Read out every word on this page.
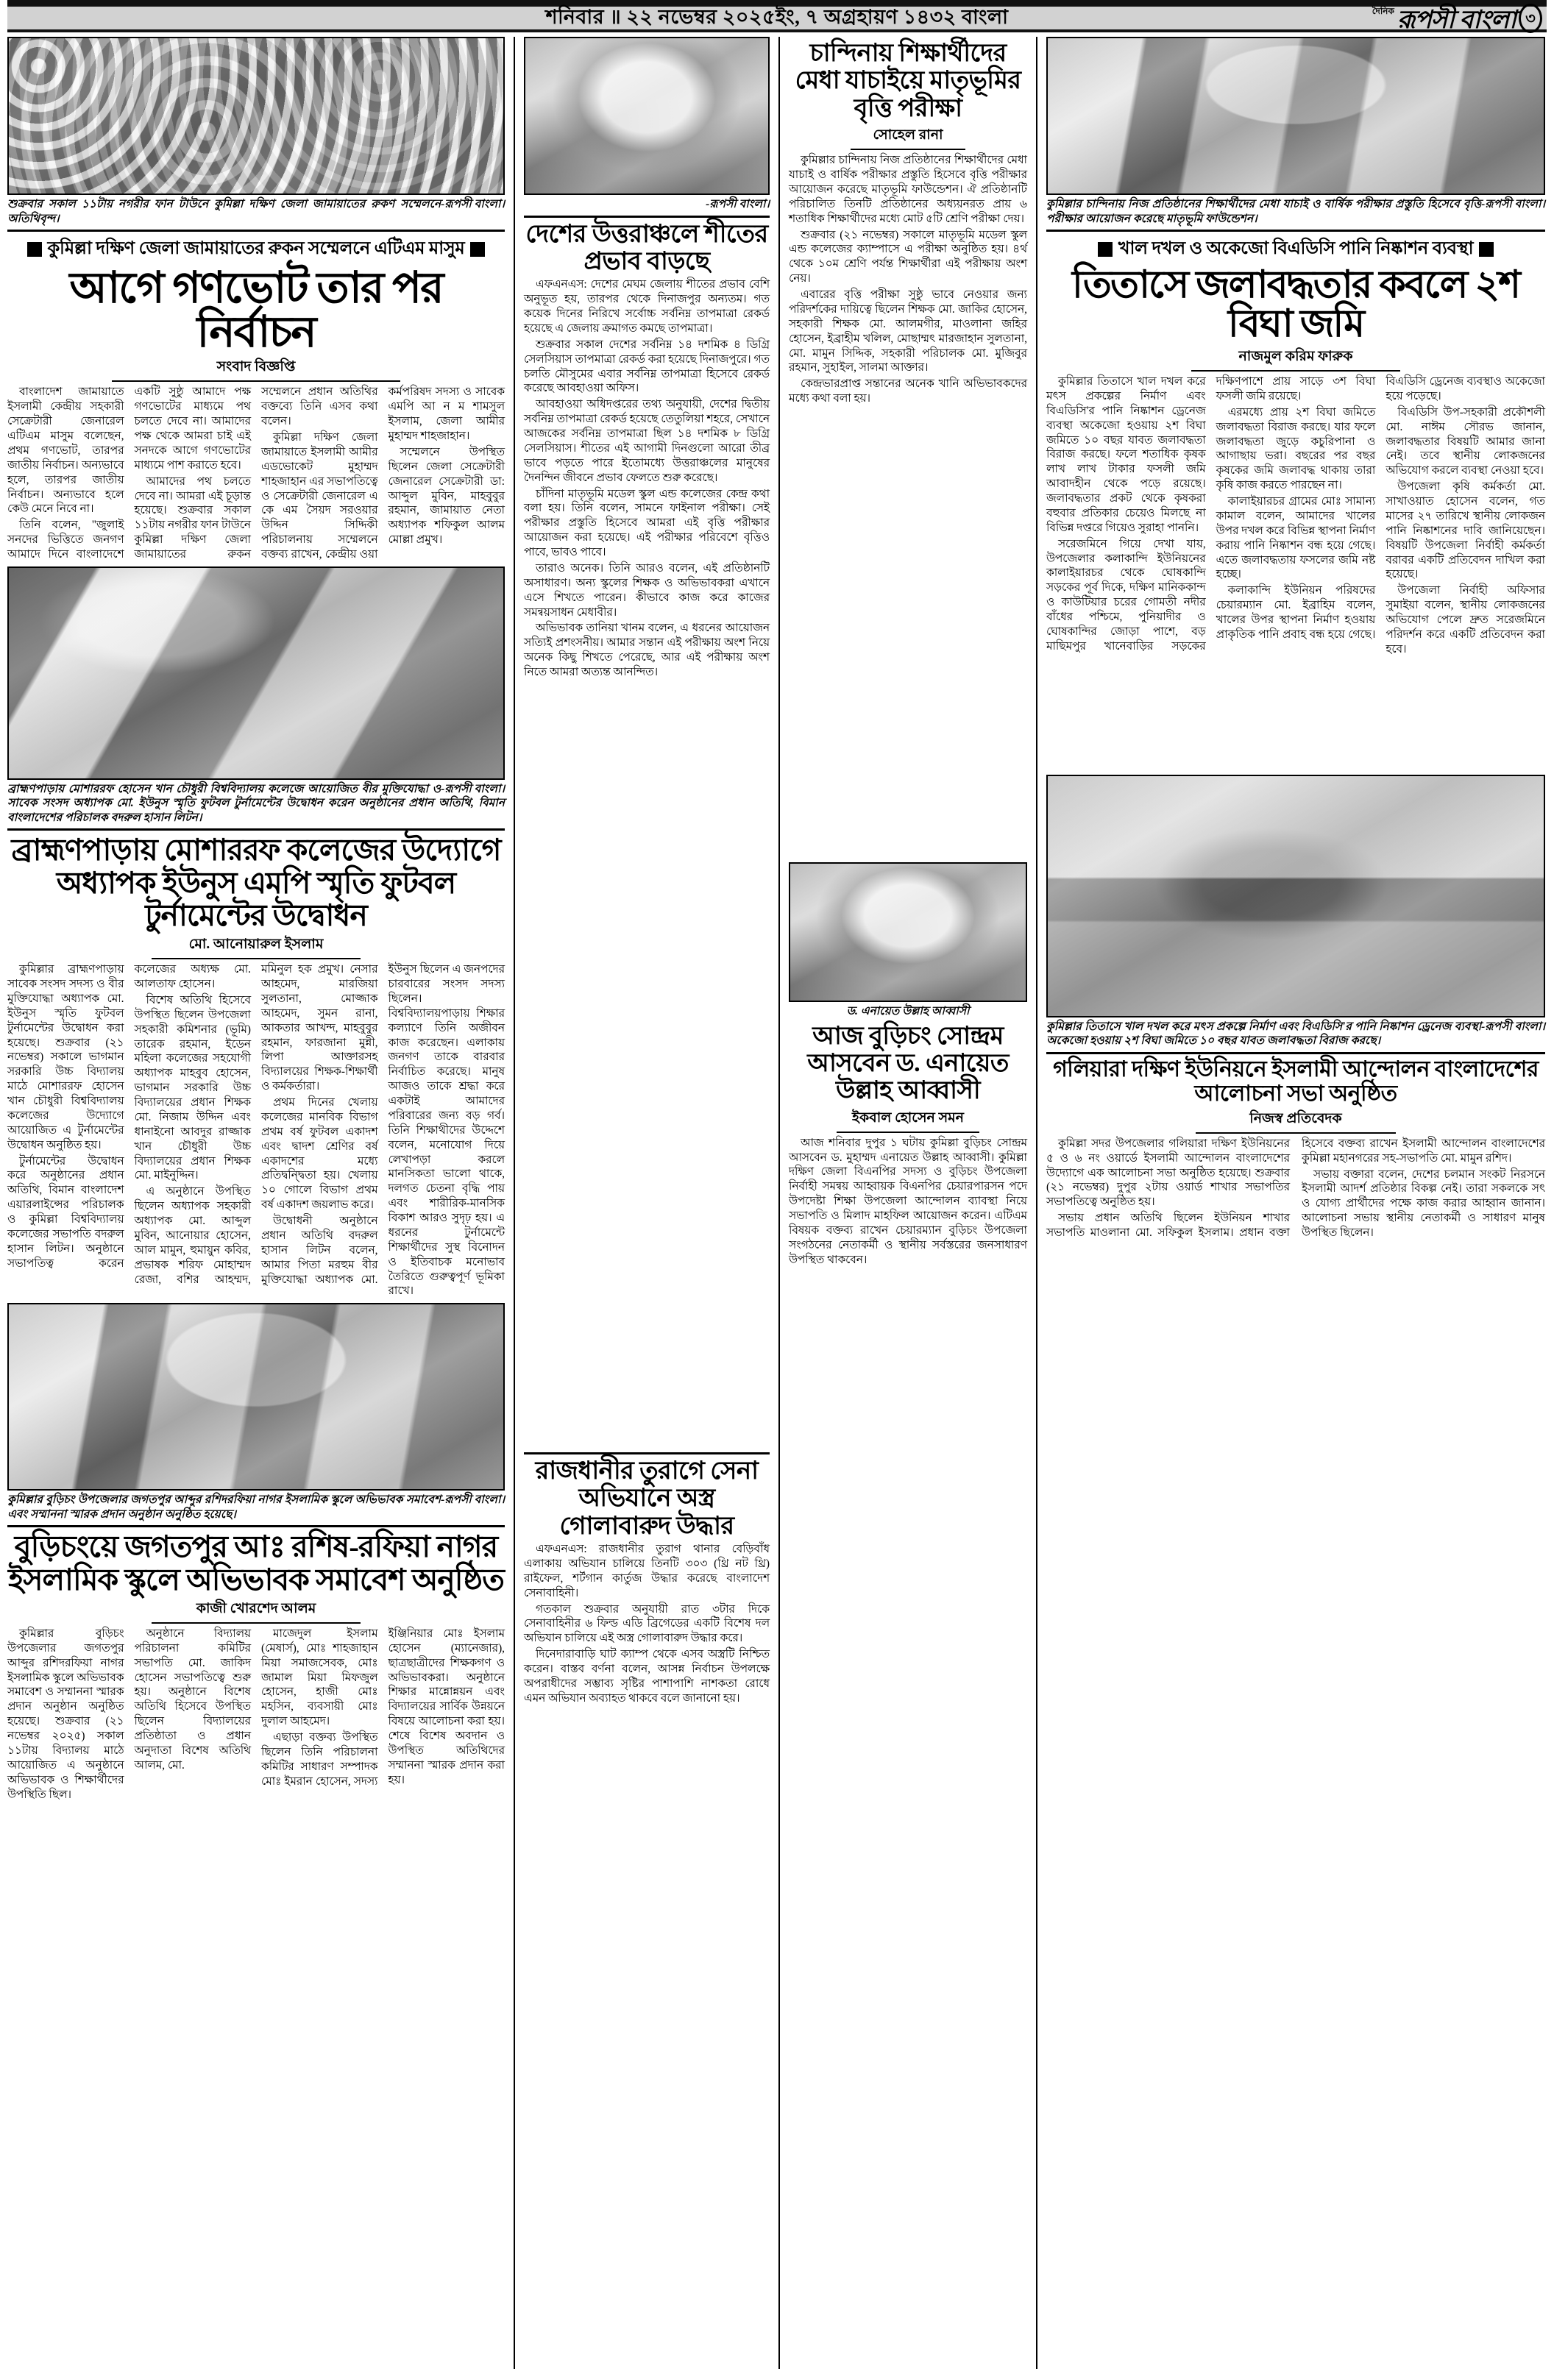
শনিবার ॥ ২২ নভেম্বর ২০২৫ইং, ৭ অগ্রহায়ণ ১৪৩২ বাংলা	দৈনিক রূপসী বাংলা ৩
-রূপসী বাংলা।
শুক্রবার সকাল ১১টায় নগরীর ফান টাউনে কুমিল্লা দক্ষিণ জেলা জামায়াতের রুকণ সম্মেলনে অতিথিবৃন্দ।
কুমিল্লা দক্ষিণ জেলা জামায়াতের রুকন সম্মেলনে এটিএম মাসুম
আগে গণভোট তার পর নির্বাচন
সংবাদ বিজ্ঞপ্তি

বাংলাদেশ জামায়াতে ইসলামী কেন্দ্রীয় সহকারী সেক্রেটারী জেনারেল এটিএম মাসুম বলেছেন, প্রথম গণভোট, তারপর জাতীয় নির্বাচন। অন্যভাবে হলে, তারপর জাতীয় নির্বাচন। অন্যভাবে হলে কেউ মেনে নিবে না।

তিনি বলেন, "জুলাই সনদের ভিত্তিতে জনগণ আমাদে দিনে বাংলাদেশে একটি সুষ্ঠু আমাদে পক্ষ গণভোটের মাধ্যমে পথ চলতে দেবে না। আমাদের পক্ষ থেকে আমরা চাই এই সনদকে আগে গণভোটের মাধ্যমে পাশ করাতে হবে।

আমাদের পথ চলতে দেবে না। আমরা এই চূড়ান্ত হয়েছে। শুক্রবার সকাল ১১টায় নগরীর ফান টাউনে কুমিল্লা দক্ষিণ জেলা জামায়াতের রুকন সম্মেলনে প্রধান অতিথির বক্তব্যে তিনি এসব কথা বলেন।

কুমিল্লা দক্ষিণ জেলা জামায়াতে ইসলামী আমীর এডভোকেট মুহাম্মদ শাহজাহান এর সভাপতিত্বে ও সেক্রেটারী জেনারেল এ কে এম সৈয়দ সরওয়ার উদ্দিন সিদ্দিকী পরিচালনায় সম্মেলনে বক্তব্য রাখেন, কেন্দ্রীয় ওয়া কর্মপরিষদ সদস্য ও সাবেক এমপি আ ন ম শামসুল ইসলাম, জেলা আমীর মুহাম্মদ শাহজাহান।

সম্মেলনে উপস্থিত ছিলেন জেলা সেক্রেটারী জেনারেল সেক্রেটারী ডা: আব্দুল মুবিন, মাহবুবুর রহমান, জামায়াত নেতা অধ্যাপক শফিকুল আলম মোল্লা প্রমুখ।

-রূপসী বাংলা।
ব্রাহ্মণপাড়ায় মোশাররফ হোসেন খান চৌধুরী বিশ্ববিদ্যালয় কলেজে আয়োজিত বীর মুক্তিযোদ্ধা ও সাবেক সংসদ অধ্যাপক মো. ইউনুস স্মৃতি ফুটবল টুর্নামেন্টের উদ্বোধন করেন অনুষ্ঠানের প্রধান অতিথি, বিমান বাংলাদেশের পরিচালক বদরুল হাসান লিটন।
ব্রাহ্মণপাড়ায় মোশাররফ কলেজের উদ্যোগে অধ্যাপক ইউনুস এমপি স্মৃতি ফুটবল টুর্নামেন্টের উদ্বোধন
মো. আনোয়ারুল ইসলাম

কুমিল্লার ব্রাহ্মণপাড়ায় সাবেক সংসদ সদস্য ও বীর মুক্তিযোদ্ধা অধ্যাপক মো. ইউনুস স্মৃতি ফুটবল টুর্নামেন্টের উদ্বোধন করা হয়েছে। শুক্রবার (২১ নভেম্বর) সকালে ভাগমান সরকারি উচ্চ বিদ্যালয় মাঠে মোশাররফ হোসেন খান চৌধুরী বিশ্ববিদ্যালয় কলেজের উদ্যোগে আয়োজিত এ টুর্নামেন্টের উদ্বোধন অনুষ্ঠিত হয়।

টুর্নামেন্টের উদ্বোধন করে অনুষ্ঠানের প্রধান অতিথি, বিমান বাংলাদেশ এয়ারলাইন্সের পরিচালক ও কুমিল্লা বিশ্ববিদ্যালয় কলেজের সভাপতি বদরুল হাসান লিটন। অনুষ্ঠানে সভাপতিত্ব করেন কলেজের অধ্যক্ষ মো. আলতাফ হোসেন।

বিশেষ অতিথি হিসেবে উপস্থিত ছিলেন উপজেলা সহকারী কমিশনার (ভূমি) তারেক রহমান, ইডেন মহিলা কলেজের সহযোগী অধ্যাপক মাহবুব হোসেন, ভাগমান সরকারি উচ্চ বিদ্যালয়ের প্রধান শিক্ষক মো. নিজাম উদ্দিন এবং ধানাইনাে আবদুর রাজ্জাক খান চৌধুরী উচ্চ বিদ্যালয়ের প্রধান শিক্ষক মো. মাইনুদ্দিন।

এ অনুষ্ঠানে উপস্থিত ছিলেন অধ্যাপক সহকারী অধ্যাপক মো. আব্দুল মুবিন, আনোয়ার হোসেন, আল মামুন, হুমায়ুন কবির, প্রভাষক শরিফ মোহাম্মদ রেজা, বশির আহম্মদ, মমিনুল হক প্রমুখ। নেসার আহমেদ, মারজিয়া সুলতানা, মোজ্জাক আহমেদ, সুমন রানা, আকতার আখন্দ, মাহবুবুর রহমান, ফারজানা মুন্নী, লিপা আক্তারসহ বিদ্যালয়ের শিক্ষক-শিক্ষার্থী ও কর্মকর্তারা।

প্রথম দিনের খেলায় কলেজের মানবিক বিভাগ প্রথম বর্ষ ফুটবল একাদশ এবং দ্বাদশ শ্রেণির বর্ষ একাদশের মধ্যে প্রতিদ্বন্দ্বিতা হয়। খেলায় ১০ গোলে বিভাগ প্রথম বর্ষ একাদশ জয়লাভ করে।

উদ্বোধনী অনুষ্ঠানে প্রধান অতিথি বদরুল হাসান লিটন বলেন, আমার পিতা মরহুম বীর মুক্তিযোদ্ধা অধ্যাপক মো. ইউনুস ছিলেন এ জনপদের চারবারের সংসদ সদস্য ছিলেন। বিশ্ববিদ্যালয়পাড়ায় শিক্ষার কল্যাণে তিনি অজীবন কাজ করেছেন। এলাকায় জনগণ তাকে বারবার নির্বাচিত করেছে। মানুষ আজও তাকে শ্রদ্ধা করে একটাই আমাদের পরিবারের জন্য বড় গর্ব। তিনি শিক্ষাথীদের উদ্দেশে বলেন, মনোযোগ দিয়ে লেখাপড়া করলে মানসিকতা ভালো থাকে, দলগত চেতনা বৃদ্ধি পায় এবং শারীরিক-মানসিক বিকাশ আরও সুদৃঢ় হয়। এ ধরনের টুর্নামেন্টে শিক্ষার্থীদের সুস্থ বিনোদন ও ইতিবাচক মনোভাব তৈরিতে গুরুত্বপূর্ণ ভূমিকা রাখে।

-রূপসী বাংলা।
কুমিল্লার বুড়িচং উপজেলার জগতপুর আব্দুর রশিদরফিয়া নাগর ইসলামিক স্কুলে অভিভাবক সমাবেশ এবং সম্মাননা স্মারক প্রদান অনুষ্ঠান অনুষ্ঠিত হয়েছে।
বুড়িচংয়ে জগতপুর আঃ রশিষ-রফিয়া নাগর ইসলামিক স্কুলে অভিভাবক সমাবেশ অনুষ্ঠিত
কাজী খোরশেদ আলম

কুমিল্লার বুড়িচং উপজেলার জগতপুর আব্দুর রশিদরফিয়া নাগর ইসলামিক স্কুলে অভিভাবক সমাবেশ ও সম্মাননা স্মারক প্রদান অনুষ্ঠান অনুষ্ঠিত হয়েছে। শুক্রবার (২১ নভেম্বর ২০২৫) সকাল ১১টায় বিদ্যালয় মাঠে আয়োজিত এ অনুষ্ঠানে অভিভাবক ও শিক্ষার্থীদের উপস্থিতি ছিল।

অনুষ্ঠানে বিদ্যালয় পরিচালনা কমিটির সভাপতি মো. জাকিদ হোসেন সভাপতিত্বে শুরু হয়। অনুষ্ঠানে বিশেষ অতিথি হিসেবে উপস্থিত ছিলেন বিদ্যালয়ের প্রতিষ্ঠাতা ও প্রধান অনুদাতা বিশেষ অতিথি আলম, মো.

মাজেদুল ইসলাম (মেষার্স), মোঃ শাহজাহান মিয়া সমাজসেবক, মোঃ জামাল মিয়া মিফজুল হোসেন, হাজী মোঃ মহসিন, ব্যবসায়ী মোঃ দুলাল আহমেদ।

এছাড়া বক্তব্য উপস্থিত ছিলেন তিনি পরিচালনা কমিটির সাধারণ সম্পাদক মোঃ ইমরান হোসেন, সদস্য ইঞ্জিনিয়ার মোঃ ইসলাম হোসেন (ম্যানেজার), ছাত্রছাত্রীদের শিক্ষকগণ ও অভিভাবকরা। অনুষ্ঠানে শিক্ষার মান্নোন্নয়ন এবং বিদ্যালয়ের সার্বিক উন্নয়নে বিষয়ে আলোচনা করা হয়। শেষে বিশেষ অবদান ও উপস্থিত অতিথিদের সম্মাননা স্মারক প্রদান করা হয়।

-রূপসী বাংলা।
দেশের উত্তরাঞ্চলে শীতের প্রভাব বাড়ছে

এফএনএস: দেশের মেঘম জেলায় শীতের প্রভাব বেশি অনুভূত হয়, তারপর থেকে দিনাজপুর অন্যতম। গত কয়েক দিনের নিরিখে সর্বোচ্চ সর্বনিম্ন তাপমাত্রা রেকর্ড হয়েছে এ জেলায় ক্রমাগত কমছে তাপমাত্রা।

শুক্রবার সকাল দেশের সর্বনিম্ন ১৪ দশমিক ৪ ডিগ্রি সেলসিয়াস তাপমাত্রা রেকর্ড করা হয়েছে দিনাজপুরে। গত চলতি মৌসুমের এবার সর্বনিম্ন তাপমাত্রা হিসেবে রেকর্ড করেছে আবহাওয়া অফিস।

আবহাওয়া অধিদপ্তরের তথ্য অনুযায়ী, দেশের দ্বিতীয় সর্বনিম্ন তাপমাত্রা রেকর্ড হয়েছে তেতুলিয়া শহরে, সেখানে আজকের সর্বনিম্ন তাপমাত্রা ছিল ১৪ দশমিক ৮ ডিগ্রি সেলসিয়াস। শীতের এই আগামী দিনগুলো আরো তীব্র ভাবে পড়তে পারে ইতোমধ্যে উত্তরাঞ্চলের মানুষের দৈনন্দিন জীবনে প্রভাব ফেলতে শুরু করেছে।

চাঁদিনা মাতৃভূমি মডেল স্কুল এন্ড কলেজের কেন্দ্র কথা বলা হয়। তিনি বলেন, সামনে ফাইনাল পরীক্ষা। সেই পরীক্ষার প্রস্তুতি হিসেবে আমরা এই বৃত্তি পরীক্ষার আয়োজন করা হয়েছে। এই পরীক্ষার পরিবেশে বৃত্তিও পাবে, ভাবও পাবে।

তারাও অনেক। তিনি আরও বলেন, এই প্রতিষ্ঠানটি অসাধারণ। অন্য স্কুলের শিক্ষক ও অভিভাবকরা এখানে এসে শিখতে পারেন। কীভাবে কাজ করে কাজের সমন্বয়সাধন মেধাবীর।

অভিভাবক তানিয়া খানম বলেন, এ ধরনের আয়োজন সত্যিই প্রশংসনীয়। আমার সন্তান এই পরীক্ষায় অংশ নিয়ে অনেক কিছু শিখতে পেরেছে, আর এই পরীক্ষায় অংশ নিতে আমরা অত্যন্ত আনন্দিত।

রাজধানীর তুরাগে সেনা অভিযানে অস্ত্র গোলাবারুদ উদ্ধার

এফএনএস: রাজধানীর তুরাগ থানার বেড়িবাঁধ এলাকায় অভিযান চালিয়ে তিনটি ৩০৩ (থ্রি নট থ্রি) রাইফেল, শর্টগান কার্তুজ উদ্ধার করেছে বাংলাদেশ সেনাবাহিনী।

গতকাল শুক্রবার অনুযায়ী রাত ৩টার দিকে সেনাবাহিনীর ৬ ফিল্ড এডি ব্রিগেডের একটি বিশেষ দল অভিযান চালিয়ে এই অস্ত্র গোলাবারুদ উদ্ধার করে।

দিনেদারাবাড়ি ঘাট ক্যাম্প থেকে এসব অস্ত্রটি নিশ্চিত করেন। বাস্তব বর্ণনা বলেন, আসন্ন নির্বাচন উপলক্ষে অপরাধীদের সম্ভাব্য সৃষ্টির পাশাপাশি নাশকতা রোধে এমন অভিযান অব্যাহত থাকবে বলে জানানো হয়।

চান্দিনায় শিক্ষার্থীদের মেধা যাচাইয়ে মাতৃভূমির বৃত্তি পরীক্ষা
সোহেল রানা

কুমিল্লার চান্দিনায় নিজ প্রতিষ্ঠানের শিক্ষার্থীদের মেধা যাচাই ও বার্ষিক পরীক্ষার প্রস্তুতি হিসেবে বৃত্তি পরীক্ষার আয়োজন করেছে মাতৃভূমি ফাউন্ডেশন। ঐ প্রতিষ্ঠানটি পরিচালিত তিনটি প্রতিষ্ঠানের অধ্যয়নরত প্রায় ৬ শতাধিক শিক্ষার্থীদের মধ্যে মোট ৫টি শ্রেণি পরীক্ষা দেয়।

শুক্রবার (২১ নভেম্বর) সকালে মাতৃভূমি মডেল স্কুল এন্ড কলেজের ক্যাম্পাসে এ পরীক্ষা অনুষ্ঠিত হয়। ৪র্থ থেকে ১০ম শ্রেণি পর্যন্ত শিক্ষার্থীরা এই পরীক্ষায় অংশ নেয়।

এবারের বৃত্তি পরীক্ষা সুষ্ঠু ভাবে নেওয়ার জন্য পরিদর্শকের দায়িত্বে ছিলেন শিক্ষক মো. জাকির হোসেন, সহকারী শিক্ষক মো. আলমগীর, মাওলানা জহির হোসেন, ইব্রাহীম খলিল, মোছাম্মৎ মারজাহান সুলতানা, মো. মামুন সিদ্দিক, সহকারী পরিচালক মো. মুজিবুর রহমান, সুহাইল, সালমা আক্তার।

কেন্দ্রভারপ্রাপ্ত সন্তানের অনেক খানি অভিভাবকদের মধ্যে কথা বলা হয়।

ড. এনায়েত উল্লাহ আব্বাসী
আজ বুড়িচং সোন্দ্রম আসবেন ড. এনায়েত উল্লাহ আব্বাসী
ইকবাল হোসেন সমন

আজ শনিবার দুপুর ১ ঘটায় কুমিল্লা বুড়িচং সোন্দ্রম আসবেন ড. মুহাম্মদ এনায়েত উল্লাহ আব্বাসী। কুমিল্লা দক্ষিণ জেলা বিএনপির সদস্য ও বুড়িচং উপজেলা নির্বাহী সমন্বয় আহ্বায়ক বিএনপির চেয়ারপারসন পদে উপদেষ্টা শিক্ষা উপজেলা আন্দোলন ব্যাবস্থা নিয়ে সভাপতি ও মিলাদ মাহফিল আয়োজন করেন। এটিএম বিষয়ক বক্তব্য রাখেন চেয়ারম্যান বুড়িচং উপজেলা সংগঠনের নেতাকর্মী ও স্থানীয় সর্বস্তরের জনসাধারণ উপস্থিত থাকবেন।

-রূপসী বাংলা।
কুমিল্লার চান্দিনায় নিজ প্রতিষ্ঠানের শিক্ষার্থীদের মেধা যাচাই ও বার্ষিক পরীক্ষার প্রস্তুতি হিসেবে বৃত্তি পরীক্ষার আয়োজন করেছে মাতৃভূমি ফাউন্ডেশন।
খাল দখল ও অকেজো বিএডিসি পানি নিষ্কাশন ব্যবস্থা
তিতাসে জলাবদ্ধতার কবলে ২শ বিঘা জমি
নাজমুল করিম ফারুক

কুমিল্লার তিতাসে খাল দখল করে মৎস প্রকল্পের নির্মাণ এবং বিএডিসি'র পানি নিষ্কাশন ড্রেনেজ ব্যবস্থা অকেজো হওয়ায় ২শ বিঘা জমিতে ১০ বছর যাবত জলাবদ্ধতা বিরাজ করছে। ফলে শতাধিক কৃষক লাখ লাখ টাকার ফসলী জমি আবাদহীন থেকে পড়ে রয়েছে। জলাবদ্ধতার প্রকট থেকে কৃষকরা বহুবার প্রতিকার চেয়েও মিলছে না বিভিন্ন দপ্তরে গিয়েও সুরাহা পাননি।

সরেজমিনে গিয়ে দেখা যায়, উপজেলার কলাকান্দি ইউনিয়নের কালাইয়ারচর থেকে ঘোষকান্দি সড়কের পূর্ব দিকে, দক্ষিণ মানিককান্দ ও কাউটিয়ার চরের গোমতী নদীর বাঁধের পশ্চিমে, পুনিয়াদীর ও ঘোষকান্দির জোড়া পাশে, বড় মাছিমপুর খানেবাড়ির সড়কের দক্ষিণপাশে প্রায় সাড়ে ৩শ বিঘা ফসলী জমি রয়েছে।

এরমধ্যে প্রায় ২শ বিঘা জমিতে জলাবদ্ধতা বিরাজ করছে। যার ফলে জলাবদ্ধতা জুড়ে কচুরিপানা ও আগাছায় ভরা। বছরের পর বছর কৃষকের জমি জলাবদ্ধ থাকায় তারা কৃষি কাজ করতে পারছেন না।

কালাইয়ারচর গ্রামের মোঃ সামান্য কামাল বলেন, আমাদের খালের উপর দখল করে বিভিন্ন স্থাপনা নির্মাণ করায় পানি নিষ্কাশন বন্ধ হয়ে গেছে। এতে জলাবদ্ধতায় ফসলের জমি নষ্ট হচ্ছে।

কলাকান্দি ইউনিয়ন পরিষদের চেয়ারম্যান মো. ইব্রাহিম বলেন, খালের উপর স্থাপনা নির্মাণ হওয়ায় প্রাকৃতিক পানি প্রবাহ বন্ধ হয়ে গেছে। বিএডিসি ড্রেনেজ ব্যবস্থাও অকেজো হয়ে পড়েছে।

বিএডিসি উপ-সহকারী প্রকৌশলী মো. নাঈম সৌরভ জানান, জলাবদ্ধতার বিষয়টি আমার জানা নেই। তবে স্থানীয় লোকজনের অভিযোগ করলে ব্যবস্থা নেওয়া হবে।

উপজেলা কৃষি কর্মকর্তা মো. সাখাওয়াত হোসেন বলেন, গত মাসের ২৭ তারিখে স্থানীয় লোকজন পানি নিষ্কাশনের দাবি জানিয়েছেন। বিষয়টি উপজেলা নির্বাহী কর্মকর্তা বরাবর একটি প্রতিবেদন দাখিল করা হয়েছে।

উপজেলা নির্বাহী অফিসার সুমাইয়া বলেন, স্থানীয় লোকজনের অভিযোগ পেলে দ্রুত সরেজমিনে পরিদর্শন করে একটি প্রতিবেদন করা হবে।

-রূপসী বাংলা।
কুমিল্লার তিতাসে খাল দখল করে মৎস প্রকল্পে নির্মাণ এবং বিএডিসি'র পানি নিষ্কাশন ড্রেনেজ ব্যবস্থা অকেজো হওয়ায় ২শ বিঘা জমিতে ১০ বছর যাবত জলাবদ্ধতা বিরাজ করছে।
গলিয়ারা দক্ষিণ ইউনিয়নে ইসলামী আন্দোলন বাংলাদেশের আলোচনা সভা অনুষ্ঠিত
নিজস্ব প্রতিবেদক

কুমিল্লা সদর উপজেলার গলিয়ারা দক্ষিণ ইউনিয়নের ৫ ও ৬ নং ওয়ার্ডে ইসলামী আন্দোলন বাংলাদেশের উদ্যোগে এক আলোচনা সভা অনুষ্ঠিত হয়েছে। শুক্রবার (২১ নভেম্বর) দুপুর ২টায় ওয়ার্ড শাখার সভাপতির সভাপতিত্বে অনুষ্ঠিত হয়।

সভায় প্রধান অতিথি ছিলেন ইউনিয়ন শাখার সভাপতি মাওলানা মো. সফিকুল ইসলাম। প্রধান বক্তা হিসেবে বক্তব্য রাখেন ইসলামী আন্দোলন বাংলাদেশের কুমিল্লা মহানগরের সহ-সভাপতি মো. মামুন রশিদ।

সভায় বক্তারা বলেন, দেশের চলমান সংকট নিরসনে ইসলামী আদর্শ প্রতিষ্ঠার বিকল্প নেই। তারা সকলকে সৎ ও যোগ্য প্রার্থীদের পক্ষে কাজ করার আহ্বান জানান। আলোচনা সভায় স্থানীয় নেতাকর্মী ও সাধারণ মানুষ উপস্থিত ছিলেন।
